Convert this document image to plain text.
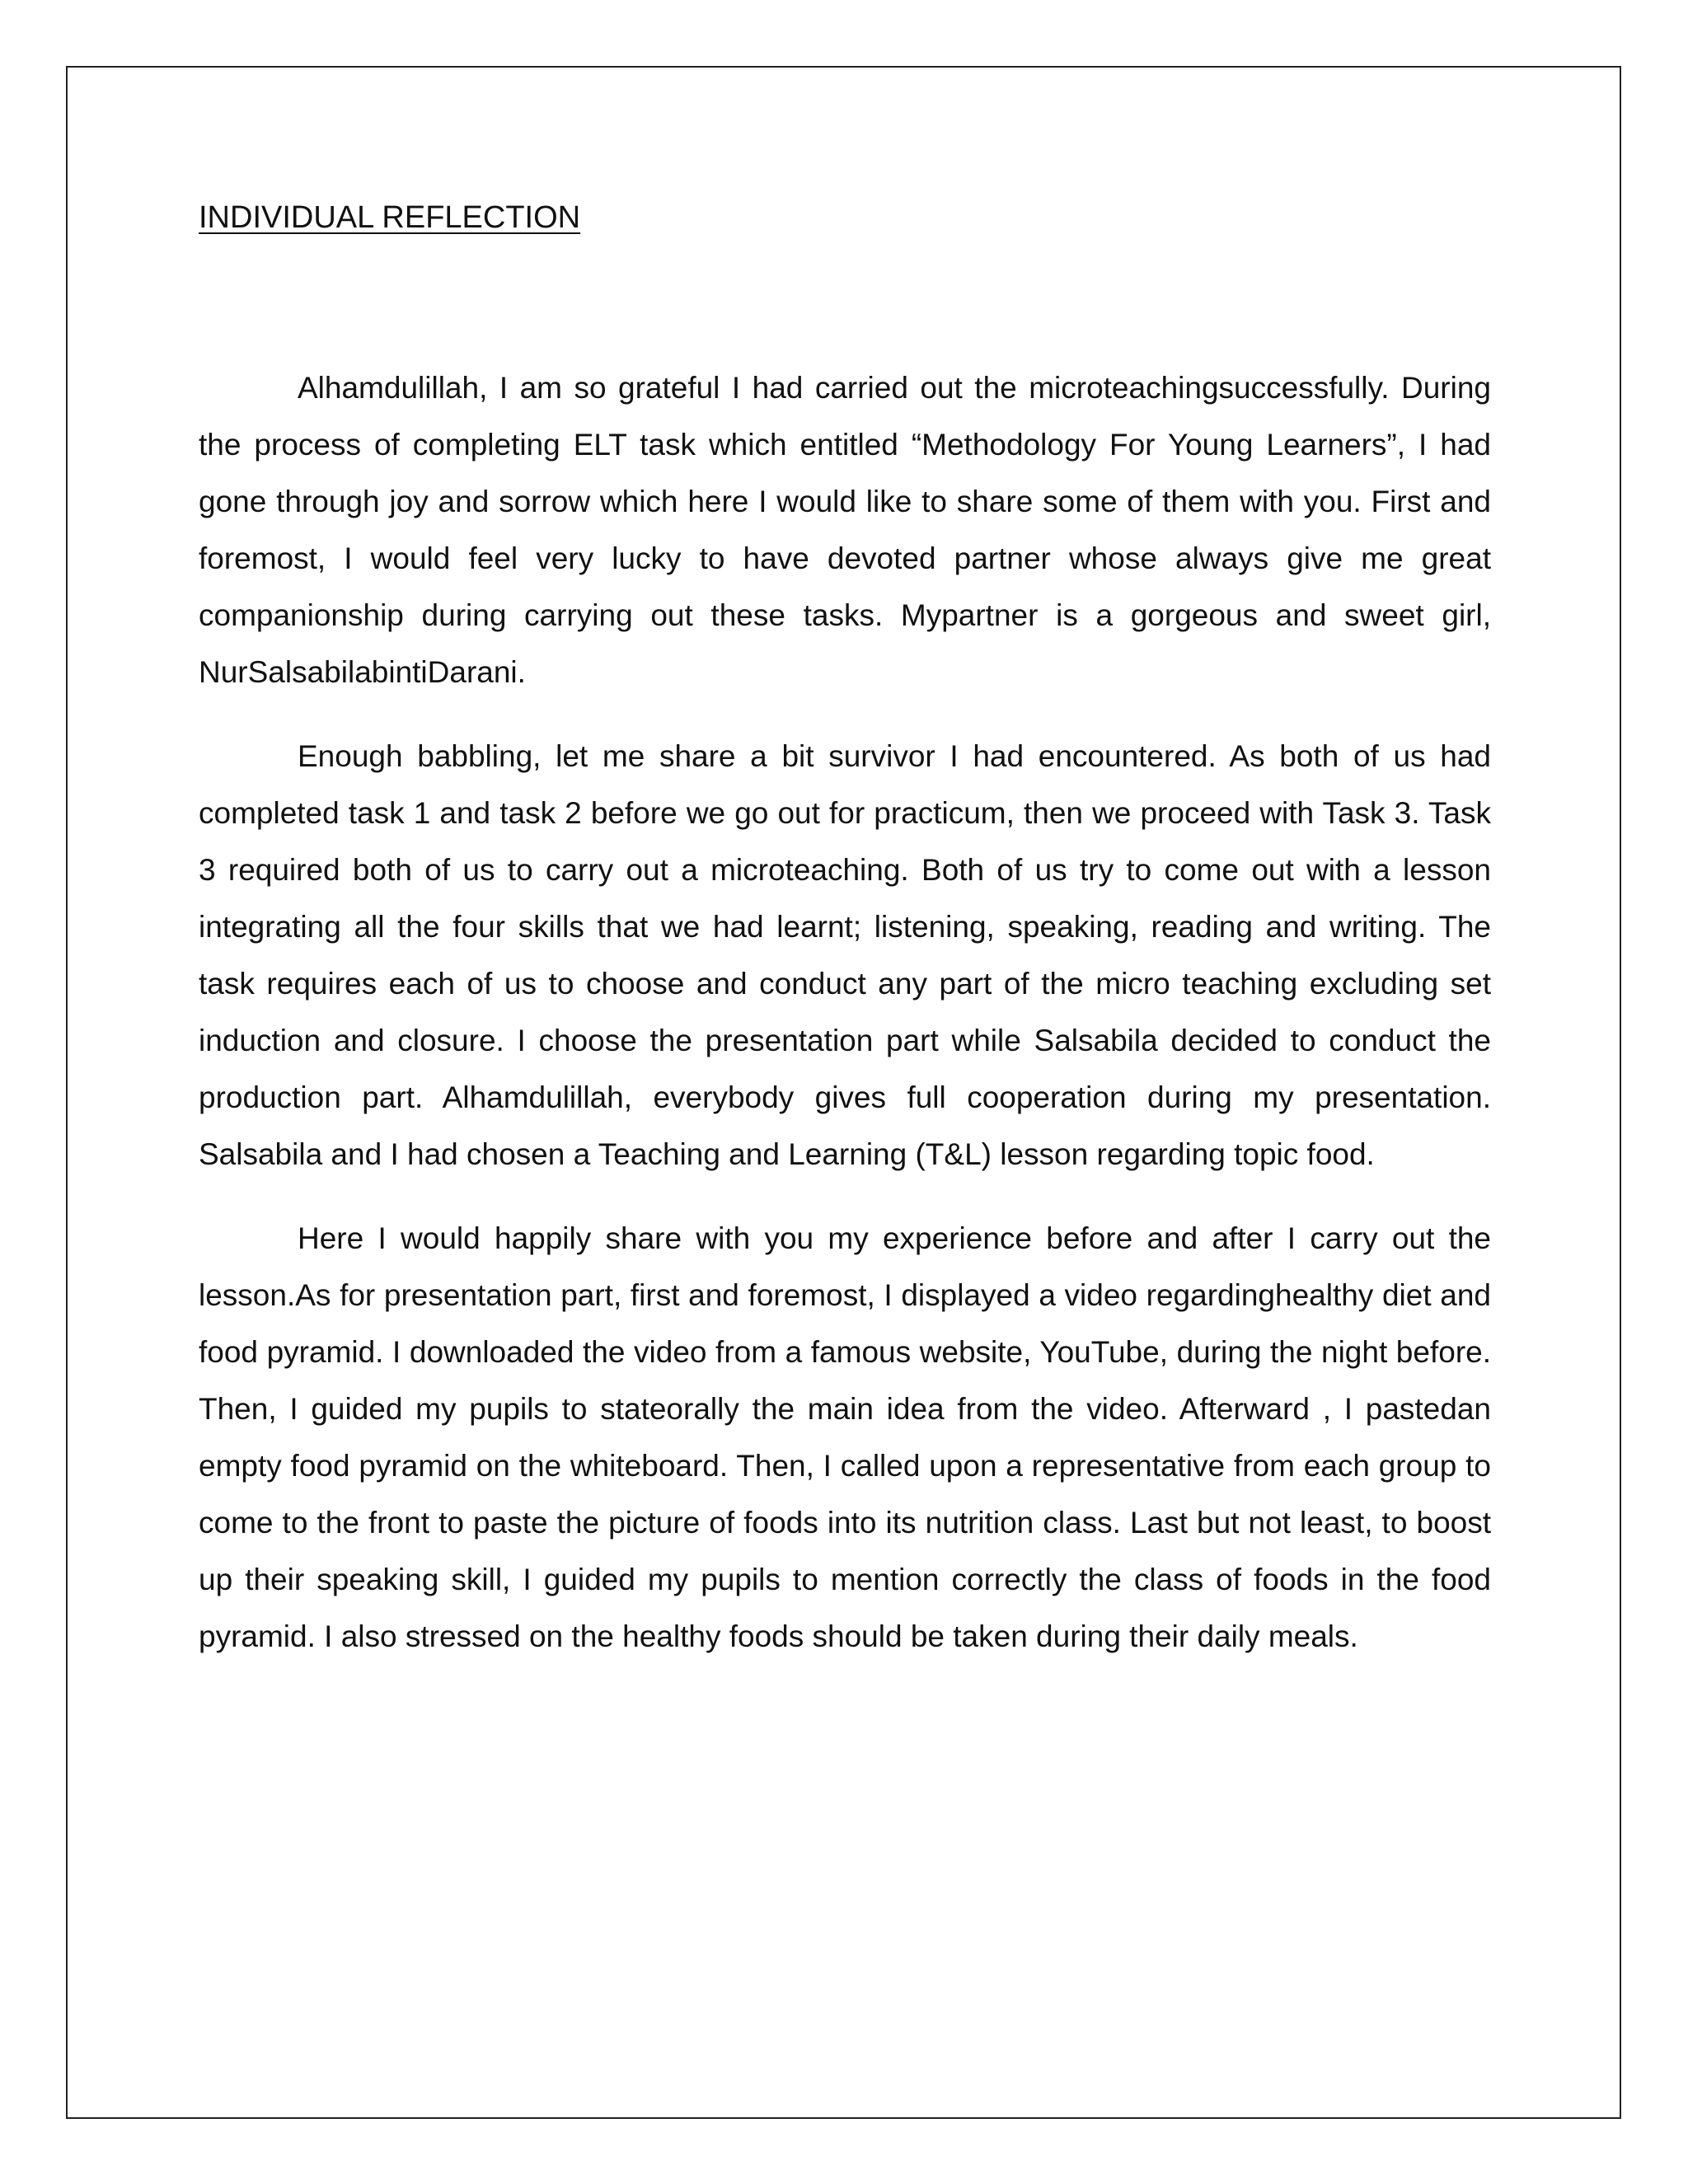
INDIVIDUAL REFLECTION

Alhamdulillah, I am so grateful I had carried out the microteachingsuccessfully. During the process of completing ELT task which entitled “Methodology For Young Learners”, I had gone through joy and sorrow which here I would like to share some of them with you. First and foremost, I would feel very lucky to have devoted partner whose always give me great companionship during carrying out these tasks. Mypartner is a gorgeous and sweet girl, NurSalsabilabintiDarani.

Enough babbling, let me share a bit survivor I had encountered. As both of us had completed task 1 and task 2 before we go out for practicum, then we proceed with Task 3. Task 3 required both of us to carry out a microteaching. Both of us try to come out with a lesson integrating all the four skills that we had learnt; listening, speaking, reading and writing. The task requires each of us to choose and conduct any part of the micro teaching excluding set induction and closure. I choose the presentation part while Salsabila decided to conduct the production part. Alhamdulillah, everybody gives full cooperation during my presentation. Salsabila and I had chosen a Teaching and Learning (T&L) lesson regarding topic food.

Here I would happily share with you my experience before and after I carry out the lesson.As for presentation part, first and foremost, I displayed a video regardinghealthy diet and food pyramid. I downloaded the video from a famous website, YouTube, during the night before. Then, I guided my pupils to stateorally the main idea from the video. Afterward , I pastedan empty food pyramid on the whiteboard. Then, I called upon a representative from each group to come to the front to paste the picture of foods into its nutrition class. Last but not least, to boost up their speaking skill, I guided my pupils to mention correctly the class of foods in the food pyramid. I also stressed on the healthy foods should be taken during their daily meals.
